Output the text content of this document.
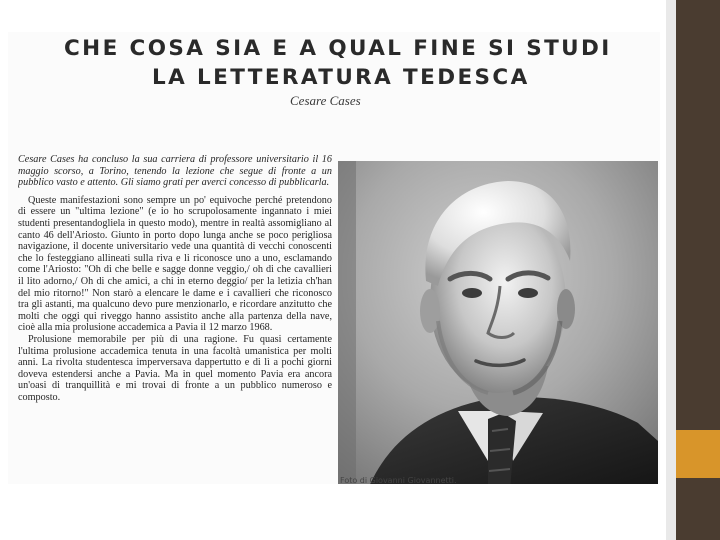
CHE COSA SIA E A QUAL FINE SI STUDI
LA LETTERATURA TEDESCA
Cesare Cases

Cesare Cases ha concluso la sua carriera di professore universitario il 16 maggio scorso, a Torino, tenendo la lezione che segue di fronte a un pubblico vasto e attento. Gli siamo grati per averci concesso di pubblicarla.

Queste manifestazioni sono sempre un po' equivoche perché pretendono di essere un "ultima lezione" (e io ho scrupolosamente ingannato i miei studenti presentandogliela in questo modo), mentre in realtà assomigliano al canto 46 dell'Ariosto. Giunto in porto dopo lunga anche se poco perigliosa navigazione, il docente universitario vede una quantità di vecchi conoscenti che lo festeggiano allineati sulla riva e li riconosce uno a uno, esclamando come l'Ariosto: "Oh di che belle e sagge donne veggio,/ oh di che cavallieri il lito adorno,/ Oh di che amici, a chi in eterno deggio/ per la letizia ch'han del mio ritorno!" Non starò a elencare le dame e i cavallieri che riconosco tra gli astanti, ma qualcuno devo pure menzionarlo, e ricordare anzitutto che molti che oggi qui riveggo hanno assistito anche alla partenza della nave, cioè alla mia prolusione accademica a Pavia il 12 marzo 1968.

Prolusione memorabile per più di una ragione. Fu quasi certamente l'ultima prolusione accademica tenuta in una facoltà umanistica per molti anni. La rivolta studentesca imperversava dappertutto e di lì a pochi giorni doveva estendersi anche a Pavia. Ma in quel momento Pavia era ancora un'oasi di tranquillità e mi trovai di fronte a un pubblico numeroso e composto.

Foto di Giovanni Giovannetti.
